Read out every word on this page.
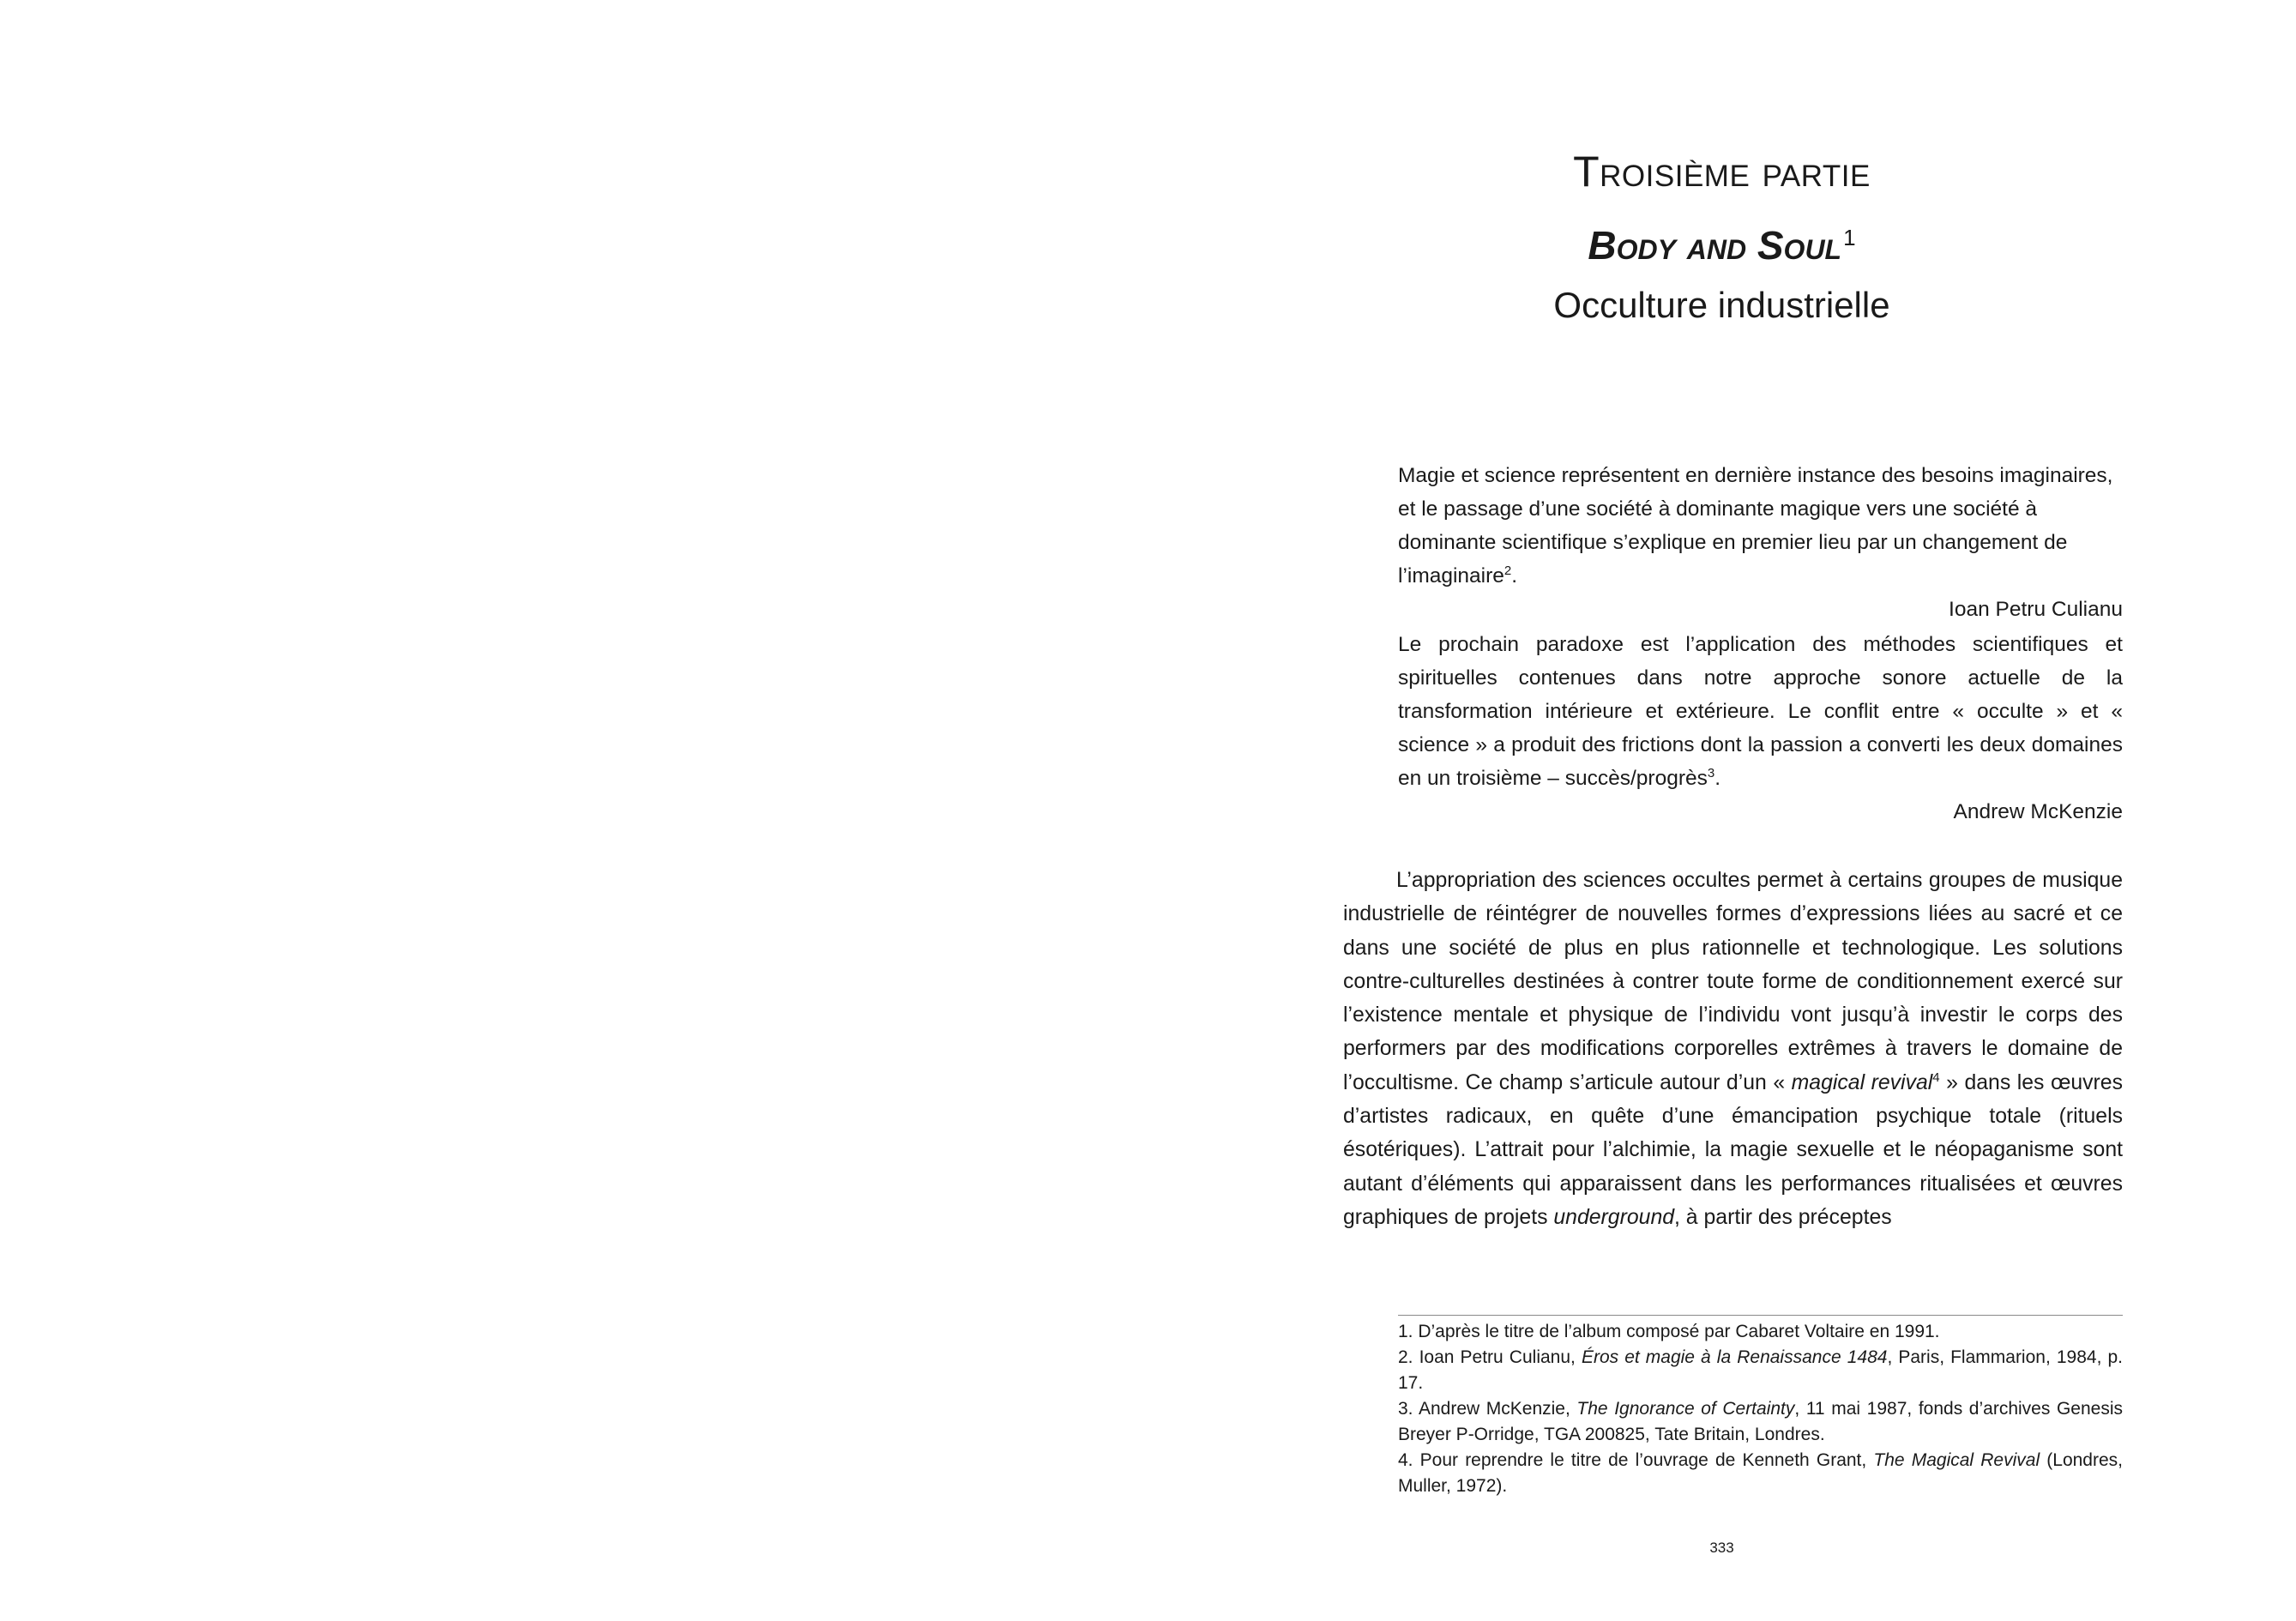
Troisième partie
Body and Soul$^1$
Occulture industrielle

Magie et science représentent en dernière instance des besoins imaginaires, et le passage d’une société à dominante magique vers une société à dominante scientifique s’explique en premier lieu par un changement de l’imaginaire$^2$.

Ioan Petru Culianu

Le prochain paradoxe est l’application des méthodes scientifiques et spirituelles contenues dans notre approche sonore actuelle de la transformation intérieure et extérieure. Le conflit entre « occulte » et « science » a produit des frictions dont la passion a converti les deux domaines en un troisième – succès/progrès$^3$.

Andrew McKenzie

L’appropriation des sciences occultes permet à certains groupes de musique industrielle de réintégrer de nouvelles formes d’expressions liées au sacré et ce dans une société de plus en plus rationnelle et technologique. Les solutions contre-culturelles destinées à contrer toute forme de conditionnement exercé sur l’existence mentale et physique de l’individu vont jusqu’à investir le corps des performers par des modifications corporelles extrêmes à travers le domaine de l’occultisme. Ce champ s’articule autour d’un « magical revival$^4$ » dans les œuvres d’artistes radicaux, en quête d’une émancipation psychique totale (rituels ésotériques). L’attrait pour l’alchimie, la magie sexuelle et le néopaganisme sont autant d’éléments qui apparaissent dans les performances ritualisées et œuvres graphiques de projets underground, à partir des préceptes

1. D’après le titre de l’album composé par Cabaret Voltaire en 1991.

2. Ioan Petru Culianu, Éros et magie à la Renaissance 1484, Paris, Flammarion, 1984, p. 17.

3. Andrew McKenzie, The Ignorance of Certainty, 11 mai 1987, fonds d’archives Genesis Breyer P-Orridge, TGA 200825, Tate Britain, Londres.

4. Pour reprendre le titre de l’ouvrage de Kenneth Grant, The Magical Revival (Londres, Muller, 1972).

333
